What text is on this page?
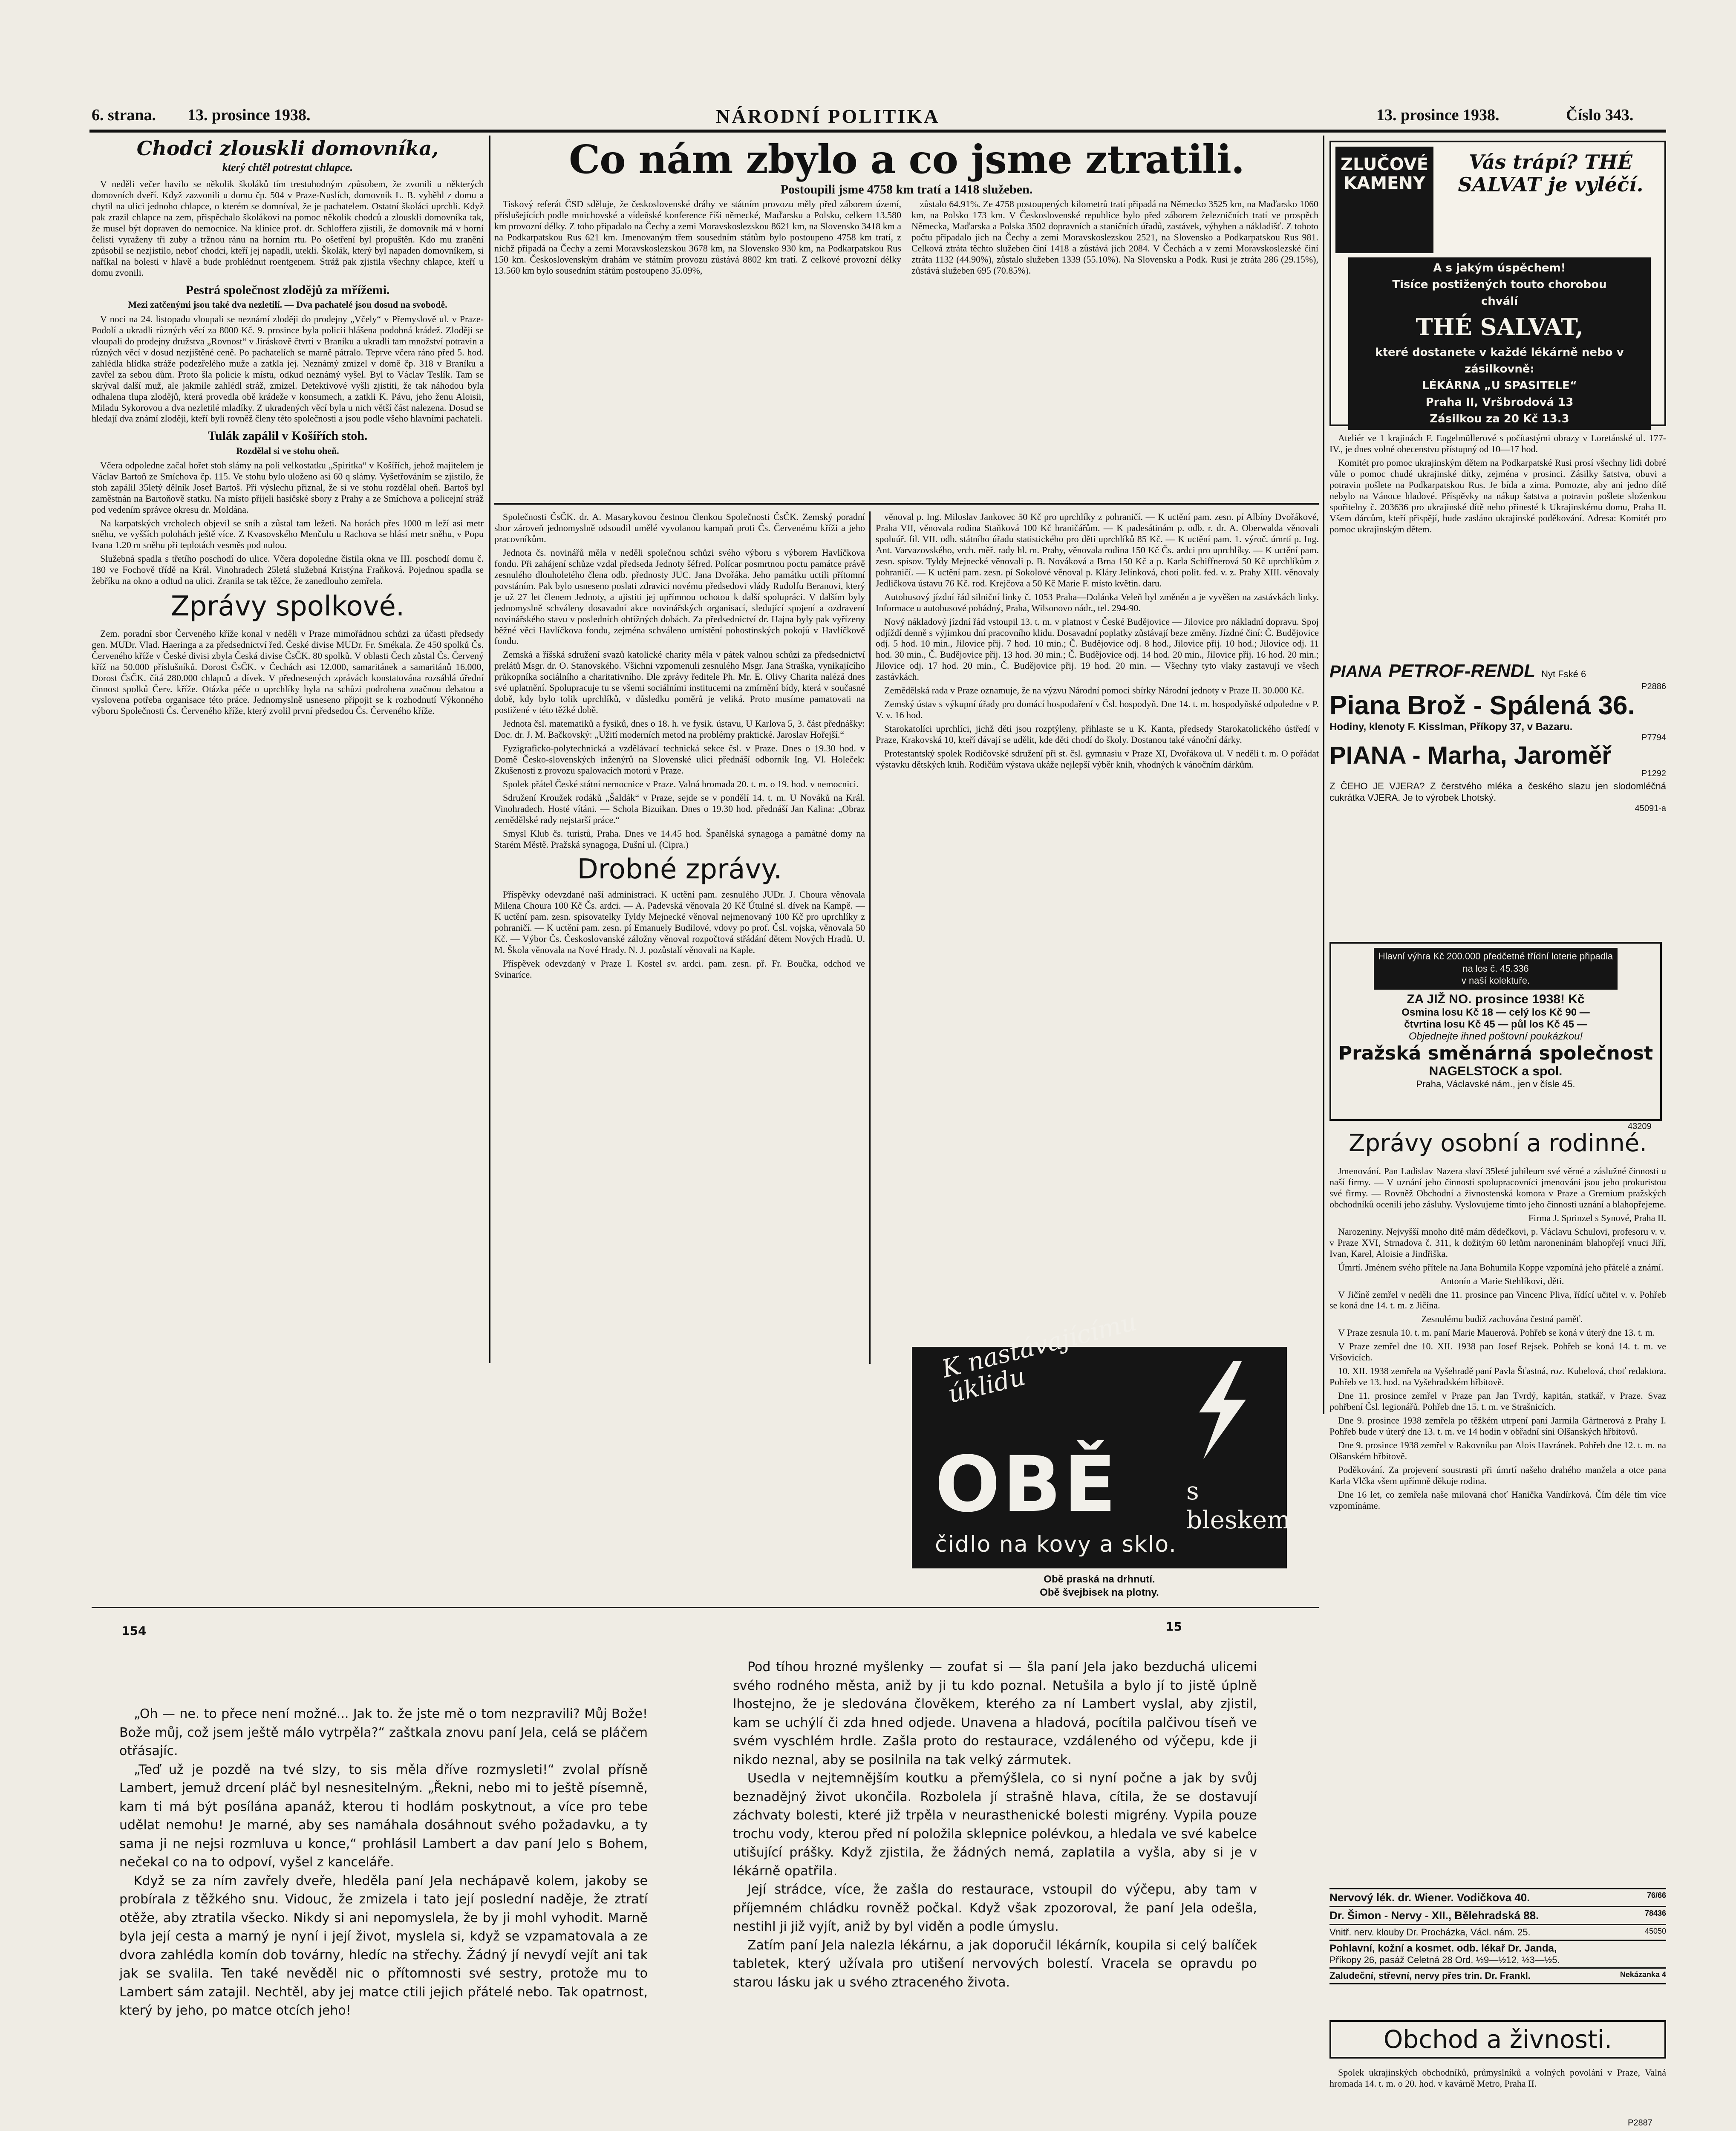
6. strana. 13. prosince 1938.	NÁRODNÍ POLITIKA	13. prosince 1938.	Číslo 343.
Chodci zlouskli domovníka,
který chtěl potrestat chlapce.

V neděli večer bavilo se několik školáků tím trestuhodným způsobem, že zvonili u některých domovních dveří. Když zazvonili u domu čp. 504 v Praze-Nuslích, domovník L. B. vyběhl z domu a chytil na ulici jednoho chlapce, o kterém se domníval, že je pachatelem. Ostatní školáci uprchli. Když pak zrazil chlapce na zem, přispěchalo školákovi na pomoc několik chodců a zlouskli domovníka tak, že musel být dopraven do nemocnice. Na klinice prof. dr. Schloffera zjistili, že domovník má v horní čelisti vyraženy tři zuby a tržnou ránu na horním rtu. Po ošetření byl propuštěn. Kdo mu zranění způsobil se nezjistilo, neboť chodci, kteří jej napadli, utekli. Školák, který byl napaden domovníkem, si naříkal na bolesti v hlavě a bude prohlédnut roentgenem. Stráž pak zjistila všechny chlapce, kteří u domu zvonili.

Pestrá společnost zlodějů za mřížemi.
Mezi zatčenými jsou také dva nezletilí. — Dva pachatelé jsou dosud na svobodě.

V noci na 24. listopadu vloupali se neznámí zloději do prodejny „Včely“ v Přemyslově ul. v Praze-Podolí a ukradli různých věcí za 8000 Kč. 9. prosince byla policii hlášena podobná krádež. Zloději se vloupali do prodejny družstva „Rovnost“ v Jiráskově čtvrti v Braníku a ukradli tam množství potravin a různých věcí v dosud nezjištěné ceně. Po pachatelích se marně pátralo. Teprve včera ráno před 5. hod. zahlédla hlídka stráže podezřelého muže a zatkla jej. Neznámý zmizel v domě čp. 318 v Braníku a zavřel za sebou dům. Proto šla policie k místu, odkud neznámý vyšel. Byl to Václav Teslík. Tam se skrýval další muž, ale jakmile zahlédl stráž, zmizel. Detektivové vyšli zjistiti, že tak náhodou byla odhalena tlupa zlodějů, která provedla obě krádeže v konsumech, a zatkli K. Pávu, jeho ženu Aloisii, Miladu Sykorovou a dva nezletilé mladíky. Z ukradených věcí byla u nich větší část nalezena. Dosud se hledají dva známí zloději, kteří byli rovněž členy této společnosti a jsou podle všeho hlavními pachateli.

Tulák zapálil v Košířích stoh.
Rozdělal si ve stohu oheň.

Včera odpoledne začal hořet stoh slámy na poli velkostatku „Spiritka“ v Košířích, jehož majitelem je Václav Bartoň ze Smíchova čp. 115. Ve stohu bylo uloženo asi 60 q slámy. Vyšetřováním se zjistilo, že stoh zapálil 35letý dělník Josef Bartoš. Při výslechu přiznal, že si ve stohu rozdělal oheň. Bartoš byl zaměstnán na Bartoňově statku. Na místo přijeli hasičské sbory z Prahy a ze Smíchova a policejní stráž pod vedením správce okresu dr. Moldána.

Na karpatských vrcholech objevil se sníh a zůstal tam ležeti. Na horách přes 1000 m leží asi metr sněhu, ve vyšších polohách ještě více. Z Kvasovského Menčulu u Rachova se hlásí metr sněhu, v Popu Ivana 1.20 m sněhu při teplotách vesměs pod nulou.

Služebná spadla s třetího poschodí do ulice. Včera dopoledne čistila okna ve III. poschodí domu č. 180 ve Fochově třídě na Král. Vinohradech 25letá služebná Kristýna Fraňková. Pojednou spadla se žebříku na okno a odtud na ulici. Zranila se tak těžce, že zanedlouho zemřela.

Zprávy spolkové.

Zem. poradní sbor Červeného kříže konal v neděli v Praze mimořádnou schůzi za účasti předsedy gen. MUDr. Vlad. Haeringa a za předsednictví řed. České divise MUDr. Fr. Smékala. Ze 450 spolků Čs. Červeného kříže v České divisi zbyla Česká divise ČsČK. 80 spolků. V oblasti Čech zůstal Čs. Červený kříž na 50.000 příslušníků. Dorost ČsČK. v Čechách asi 12.000, samaritánek a samaritánů 16.000, Dorost ČsČK. čítá 280.000 chlapců a dívek. V přednesených zprávách konstatována rozsáhlá úřední činnost spolků Červ. kříže. Otázka péče o uprchlíky byla na schůzi podrobena značnou debatou a vyslovena potřeba organisace této práce. Jednomyslně usneseno připojit se k rozhodnutí Výkonného výboru Společnosti Čs. Červeného kříže, který zvolil první předsedou Čs. Červeného kříže.

Co nám zbylo a co jsme ztratili.
Postoupili jsme 4758 km tratí a 1418 služeben.

Tiskový referát ČSD sděluje, že československé dráhy ve státním provozu měly před záborem území, příslušejících podle mnichovské a vídeňské konference říši německé, Maďarsku a Polsku, celkem 13.580 km provozní délky. Z toho připadalo na Čechy a zemi Moravskoslezskou 8621 km, na Slovensko 3418 km a na Podkarpatskou Rus 621 km. Jmenovaným třem sousedním státům bylo postoupeno 4758 km tratí, z nichž připadá na Čechy a zemi Moravskoslezskou 3678 km, na Slovensko 930 km, na Podkarpatskou Rus 150 km. Československým drahám ve státním provozu zůstává 8802 km tratí. Z celkové provozní délky 13.560 km bylo sousedním státům postoupeno 35.09%,

zůstalo 64.91%. Ze 4758 postoupených kilometrů tratí připadá na Německo 3525 km, na Maďarsko 1060 km, na Polsko 173 km. V Československé republice bylo před záborem železničních tratí ve prospěch Německa, Maďarska a Polska 3502 dopravních a staničních úřadů, zastávek, výhyben a nákladišť. Z tohoto počtu připadalo jich na Čechy a zemi Moravskoslezskou 2521, na Slovensko a Podkarpatskou Rus 981. Celková ztráta těchto služeben činí 1418 a zůstává jich 2084. V Čechách a v zemi Moravskoslezské činí ztráta 1132 (44.90%), zůstalo služeben 1339 (55.10%). Na Slovensku a Podk. Rusi je ztráta 286 (29.15%), zůstává služeben 695 (70.85%).

Společnosti ČsČK. dr. A. Masarykovou čestnou členkou Společnosti ČsČK. Zemský poradní sbor zároveň jednomyslně odsoudil umělé vyvolanou kampaň proti Čs. Červenému kříži a jeho pracovníkům.

Jednota čs. novinářů měla v neděli společnou schůzi svého výboru s výborem Havlíčkova fondu. Při zahájení schůze vzdal předseda Jednoty šéfred. Polícar posmrtnou poctu památce právě zesnulého dlouholetého člena odb. přednosty JUC. Jana Dvořáka. Jeho památku uctili přítomní povstáním. Pak bylo usneseno poslati zdravici novému předsedovi vlády Rudolfu Beranovi, který je už 27 let členem Jednoty, a ujistiti jej upřímnou ochotou k další spolupráci. V dalším byly jednomyslně schváleny dosavadní akce novinářských organisací, sledující spojení a ozdravení novinářského stavu v posledních obtížných dobách. Za předsednictví dr. Hajna byly pak vyřízeny běžné věci Havlíčkova fondu, zejména schváleno umístění pohostinských pokojů v Havlíčkově fondu.

Zemská a říšská sdružení svazů katolické charity měla v pátek valnou schůzi za předsednictví prelátů Msgr. dr. O. Stanovského. Všichni vzpomenuli zesnulého Msgr. Jana Straška, vynikajícího průkopníka sociálního a charitativního. Dle zprávy ředitele Ph. Mr. E. Olivy Charita nalézá dnes své uplatnění. Spolupracuje tu se všemi sociálními institucemi na zmírnění bídy, která v současné době, kdy bylo tolik uprchlíků, v důsledku poměrů je veliká. Proto musíme pamatovati na postižené v této těžké době.

Jednota čsl. matematiků a fysiků, dnes o 18. h. ve fysik. ústavu, U Karlova 5, 3. část přednášky: Doc. dr. J. M. Bačkovský: „Užití moderních metod na problémy praktické. Jaroslav Hořejší.“

Fyzigraficko-polytechnická a vzdělávací technická sekce čsl. v Praze. Dnes o 19.30 hod. v Domě Česko-slovenských inženýrů na Slovenské ulici přednáší odborník Ing. Vl. Holeček: Zkušenosti z provozu spalovacích motorů v Praze.

Spolek přátel České státní nemocnice v Praze. Valná hromada 20. t. m. o 19. hod. v nemocnici.

Sdružení Kroužek rodáků „Šaldák“ v Praze, sejde se v pondělí 14. t. m. U Nováků na Král. Vinohradech. Hosté vítáni. — Schola Bizuikan. Dnes o 19.30 hod. přednáší Jan Kalina: „Obraz zemědělské rady nejstarší práce.“

Smysl Klub čs. turistů, Praha. Dnes ve 14.45 hod. Španělská synagoga a památné domy na Starém Městě. Pražská synagoga, Dušní ul. (Cipra.)

Drobné zprávy.

Příspěvky odevzdané naší administraci. K uctění pam. zesnulého JUDr. J. Choura věnovala Milena Choura 100 Kč Čs. ardci. — A. Padevská věnovala 20 Kč Útulné sl. dívek na Kampě. — K uctění pam. zesn. spisovatelky Tyldy Mejnecké věnoval nejmenovaný 100 Kč pro uprchlíky z pohraničí. — K uctění pam. zesn. pí Emanuely Budilové, vdovy po prof. Čsl. vojska, věnovala 50 Kč. — Výbor Čs. Českoslovanské záložny věnoval rozpočtová střádání dětem Nových Hradů. U. M. Škola věnovala na Nové Hrady. N. J. pozůstalí věnovali na Kaple.

Příspěvek odevzdaný v Praze I. Kostel sv. ardci. pam. zesn. př. Fr. Boučka, odchod ve Svinaríce.

věnoval p. Ing. Miloslav Jankovec 50 Kč pro uprchlíky z pohraničí. — K uctění pam. zesn. pí Albíny Dvořákové, Praha VII, věnovala rodina Staňková 100 Kč hraničářům. — K padesátinám p. odb. r. dr. A. Oberwalda věnovali spoluúř. fil. VII. odb. státního úřadu statistického pro děti uprchlíků 85 Kč. — K uctění pam. 1. výroč. úmrtí p. Ing. Ant. Varvazovského, vrch. měř. rady hl. m. Prahy, věnovala rodina 150 Kč Čs. ardci pro uprchlíky. — K uctění pam. zesn. spisov. Tyldy Mejnecké věnovali p. B. Nováková a Brna 150 Kč a p. Karla Schiffnerová 50 Kč uprchlíkům z pohraničí. — K uctění pam. zesn. pí Sokolové věnoval p. Kláry Jelínková, choti polit. fed. v. z. Prahy XIII. věnovaly Jedličkova ústavu 76 Kč. rod. Krejčova a 50 Kč Marie F. místo květin. daru.

Autobusový jízdní řád silniční linky č. 1053 Praha—Dolánka Veleň byl změněn a je vyvěšen na zastávkách linky. Informace u autobusové pohádný, Praha, Wilsonovo nádr., tel. 294-90.

Nový nákladový jízdní řád vstoupil 13. t. m. v platnost v České Budějovice — Jilovice pro nákladní dopravu. Spoj odjíždí denně s výjimkou dní pracovního klidu. Dosavadní poplatky zůstávají beze změny. Jízdné činí: Č. Budějovice odj. 5 hod. 10 min., Jilovice přij. 7 hod. 10 min.; Č. Budějovice odj. 8 hod., Jilovice přij. 10 hod.; Jilovice odj. 11 hod. 30 min., Č. Budějovice přij. 13 hod. 30 min.; Č. Budějovice odj. 14 hod. 20 min., Jilovice přij. 16 hod. 20 min.; Jilovice odj. 17 hod. 20 min., Č. Budějovice přij. 19 hod. 20 min. — Všechny tyto vlaky zastavují ve všech zastávkách.

Zemědělská rada v Praze oznamuje, že na výzvu Národní pomoci sbírky Národní jednoty v Praze II. 30.000 Kč.

Zemský ústav s výkupní úřady pro domácí hospodaření v Čsl. hospodyň. Dne 14. t. m. hospodyňské odpoledne v P. V. v. 16 hod.

Starokatolíci uprchlíci, jichž děti jsou rozptýleny, přihlaste se u K. Kanta, předsedy Starokatolického ústředí v Praze, Krakovská 10, kteří dávají se udělit, kde děti chodí do školy. Dostanou také vánoční dárky.

Protestantský spolek Rodičovské sdružení při st. čsl. gymnasiu v Praze XI, Dvořákova ul. V neděli t. m. O pořádat výstavku dětských knih. Rodičům výstava ukáže nejlepší výběr knih, vhodných k vánočním dárkům.

K nastávajícímu úklidu
OBĚ	s bleskem
čidlo na kovy a sklo.
Obě praská na drhnutí.
Obě švejbisek na plotny.
ZLUČOVÉ KAMENY
Vás trápí? THÉ SALVAT je vyléčí.
A s jakým úspěchem!
Tisíce postižených touto chorobou
chválí
THÉ SALVAT,
které dostanete v každé lékárně nebo v zásilkovně:
LÉKÁRNA „U SPASITELE“
Praha II, Vršbrodová 13
Zásilkou za 20 Kč 13.3

Ateliér ve 1 krajinách F. Engelmüllerové s počítastými obrazy v Loretánské ul. 177-IV., je dnes volné obecenstvu přístupný od 10—17 hod.

Komitét pro pomoc ukrajinským dětem na Podkarpatské Rusi prosí všechny lidi dobré vůle o pomoc chudé ukrajinské dítky, zejména v prosinci. Zásilky šatstva, obuvi a potravin pošlete na Podkarpatskou Rus. Je bída a zima. Pomozte, aby ani jedno dítě nebylo na Vánoce hladové. Příspěvky na nákup šatstva a potravin pošlete složenkou spořitelny č. 203636 pro ukrajinské dítě nebo přinesté k Ukrajinskému domu, Praha II. Všem dárcům, kteří přispějí, bude zasláno ukrajinské poděkování. Adresa: Komitét pro pomoc ukrajinským dětem.

PIANA PETROF-RENDL Nyt Fské 6
P2886
Piana Brož - Spálená 36.
Hodiny, klenoty F. Kisslman, Příkopy 37, v Bazaru.
P7794
PIANA - Marha, Jaroměř
P1292
Z ČEHO JE VJERA? Z čerstvého mléka a českého slazu jen slodomléčná cukrátka VJERA. Je to výrobek Lhotský.
45091-a
Hlavní výhra Kč 200.000 předčetné třídní loterie připadla na los č. 45.336
v naší kolektuře.
ZA JIŽ NO. prosince 1938! Kč
Osmina losu Kč 18 — celý los Kč 90 —
čtvrtina losu Kč 45 — půl los Kč 45 —
Objednejte ihned poštovní poukázkou!
Pražská směnárná společnost
NAGELSTOCK a spol.
Praha, Václavské nám., jen v čísle 45.
43209
Zprávy osobní a rodinné.

Jmenování. Pan Ladislav Nazera slaví 35leté jubileum své věrné a záslužné činnosti u naší firmy. — V uznání jeho činností spolupracovníci jmenováni jsou jeho prokuristou své firmy. — Rovněž Obchodní a živnostenská komora v Praze a Gremium pražských obchodníků ocenili jeho zásluhy. Vyslovujeme tímto jeho činnosti uznání a blahopřejeme.

Firma J. Sprinzel s Synové, Praha II.

Narozeniny. Nejvyšší mnoho ditě mám dědečkovi, p. Václavu Schulovi, profesoru v. v. v Praze XVI, Strnadova č. 311, k dožitým 60 letům naroneninám blahopřejí vnuci Jiří, Ivan, Karel, Aloisie a Jindřiška.

Úmrtí. Jménem svého přítele na Jana Bohumila Koppe vzpomíná jeho přátelé a známí.

Antonín a Marie Stehlíkovi, děti.

V Jičíně zemřel v neděli dne 11. prosince pan Vincenc Pliva, řídící učitel v. v. Pohřeb se koná dne 14. t. m. z Jičína.

Zesnulému budiž zachována čestná paměť.

V Praze zesnula 10. t. m. paní Marie Mauerová. Pohřeb se koná v úterý dne 13. t. m.

V Praze zemřel dne 10. XII. 1938 pan Josef Rejsek. Pohřeb se koná 14. t. m. ve Vršovicích.

10. XII. 1938 zemřela na Vyšehradě paní Pavla Šťastná, roz. Kubelová, choť redaktora. Pohřeb ve 13. hod. na Vyšehradském hřbitově.

Dne 11. prosince zemřel v Praze pan Jan Tvrdý, kapitán, statkář, v Praze. Svaz pohřbení Čsl. legionářů. Pohřeb dne 15. t. m. ve Strašnicích.

Dne 9. prosince 1938 zemřela po těžkém utrpení paní Jarmila Gärtnerová z Prahy I. Pohřeb bude v úterý dne 13. t. m. ve 14 hodin v obřadní síni Olšanských hřbitovů.

Dne 9. prosince 1938 zemřel v Rakovníku pan Alois Havránek. Pohřeb dne 12. t. m. na Olšanském hřbitově.

Poděkování. Za projevení soustrasti při úmrtí našeho drahého manžela a otce pana Karla Vlčka všem upřímně děkuje rodina.

Dne 16 let, co zemřela naše milovaná choť Hanička Vandírková. Čím déle tím více vzpomínáme.

Nervový lék. dr. Wiener. Vodičkova 40.	76/66
Dr. Šimon - Nervy - XII., Bělehradská 88.	78436
Vnitř. nerv. klouby Dr. Procházka, Václ. nám. 25.	45050
Pohlavní, kožní a kosmet. odb. lékař Dr. Janda,
Příkopy 26, pasáž Celetná 28 Ord. ½9—½12, ½3—½5.
Zaludeční, střevní, nervy přes trin. Dr. Frankl.	Nekázanka 4
Obchod a živnosti.

Spolek ukrajinských obchodníků, průmyslníků a volných povolání v Praze, Valná hromada 14. t. m. o 20. hod. v kavárně Metro, Praha II.

P2887
154	15

„Oh — ne. to přece není možné... Jak to. že jste mě o tom nezpravili? Můj Bože! Bože můj, což jsem ještě málo vytrpěla?“ zaštkala znovu paní Jela, celá se pláčem otřásajíc.

„Teď už je pozdě na tvé slzy, to sis měla dříve rozmysleti!“ zvolal přísně Lambert, jemuž drcení pláč byl nesnesitelným. „Řekni, nebo mi to ještě písemně, kam ti má být posílána apanáž, kterou ti hodlám poskytnout, a více pro tebe udělat nemohu! Je marné, aby ses namáhala dosáhnout svého požadavku, a ty sama ji ne nejsi rozmluva u konce,“ prohlásil Lambert a dav paní Jelo s Bohem, nečekal co na to odpoví, vyšel z kanceláře.

Když se za ním zavřely dveře, hleděla paní Jela nechápavě kolem, jakoby se probírala z těžkého snu. Vidouc, že zmizela i tato její poslední naděje, že ztratí otěže, aby ztratila všecko. Nikdy si ani nepomyslela, že by ji mohl vyhodit. Marně byla její cesta a marný je nyní i její život, myslela si, když se vzpamatovala a ze dvora zahlédla komín dob továrny, hledíc na střechy. Žádný jí nevydí vejít ani tak jak se svalila. Ten také nevěděl nic o přítomnosti své sestry, protože mu to Lambert sám zatajil. Nechtěl, aby jej matce ctili jejich přátelé nebo. Tak opatrnost, který by jeho, po matce otcích jeho!

Pod tíhou hrozné myšlenky — zoufat si — šla paní Jela jako bezduchá ulicemi svého rodného města, aniž by ji tu kdo poznal. Netušila a bylo jí to jistě úplně lhostejno, že je sledována člověkem, kterého za ní Lambert vyslal, aby zjistil, kam se uchýlí či zda hned odjede. Unavena a hladová, pocítila palčivou tíseň ve svém vyschlém hrdle. Zašla proto do restaurace, vzdáleného od výčepu, kde ji nikdo neznal, aby se posilnila na tak velký zármutek.

Usedla v nejtemnějším koutku a přemýšlela, co si nyní počne a jak by svůj beznadějný život ukončila. Rozbolela jí strašně hlava, cítila, že se dostavují záchvaty bolesti, které již trpěla v neurasthenické bolesti migrény. Vypila pouze trochu vody, kterou před ní položila sklepnice polévkou, a hledala ve své kabelce utišující prášky. Když zjistila, že žádných nemá, zaplatila a vyšla, aby si je v lékárně opatřila.

Její strádce, více, že zašla do restaurace, vstoupil do výčepu, aby tam v příjemném chládku rovněž počkal. Když však zpozoroval, že paní Jela odešla, nestihl ji již vyjít, aniž by byl viděn a podle úmyslu.

Zatím paní Jela nalezla lékárnu, a jak doporučil lékárník, koupila si celý balíček tabletek, který užívala pro utišení nervových bolestí. Vracela se opravdu po starou lásku jak u svého ztraceného života.
